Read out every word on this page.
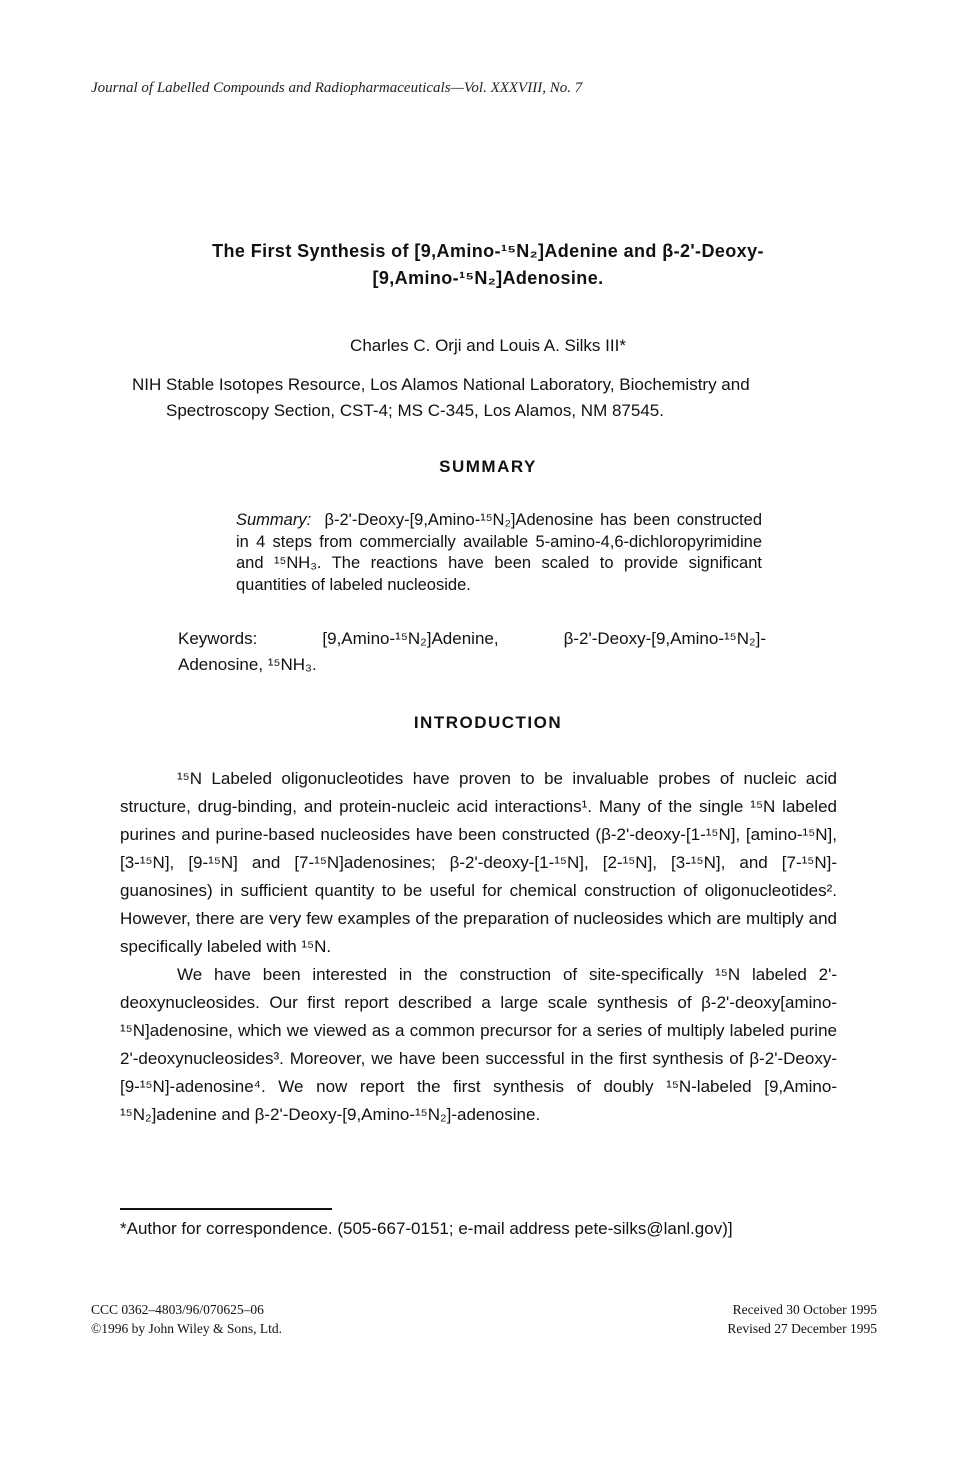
Journal of Labelled Compounds and Radiopharmaceuticals—Vol. XXXVIII, No. 7
The First Synthesis of [9,Amino-¹⁵N₂]Adenine and β-2'-Deoxy-
[9,Amino-¹⁵N₂]Adenosine.
Charles C. Orji and Louis A. Silks III*
NIH Stable Isotopes Resource, Los Alamos National Laboratory, Biochemistry and
Spectroscopy Section, CST-4; MS C-345, Los Alamos, NM 87545.
SUMMARY
Summary: β-2'-Deoxy-[9,Amino-¹⁵N₂]Adenosine has been constructed in 4 steps from commercially available 5-amino-4,6-dichloropyrimidine and ¹⁵NH₃. The reactions have been scaled to provide significant quantities of labeled nucleoside.
Keywords:	[9,Amino-¹⁵N₂]Adenine,	β-2'-Deoxy-[9,Amino-¹⁵N₂]-
Adenosine, ¹⁵NH₃.
INTRODUCTION

¹⁵N Labeled oligonucleotides have proven to be invaluable probes of nucleic acid structure, drug-binding, and protein-nucleic acid interactions¹. Many of the single ¹⁵N labeled purines and purine-based nucleosides have been constructed (β-2'-deoxy-[1-¹⁵N], [amino-¹⁵N], [3-¹⁵N], [9-¹⁵N] and [7-¹⁵N]adenosines; β-2'-deoxy-[1-¹⁵N], [2-¹⁵N], [3-¹⁵N], and [7-¹⁵N]-guanosines) in sufficient quantity to be useful for chemical construction of oligonucleotides². However, there are very few examples of the preparation of nucleosides which are multiply and specifically labeled with ¹⁵N.

We have been interested in the construction of site-specifically ¹⁵N labeled 2'-deoxynucleosides. Our first report described a large scale synthesis of β-2'-deoxy[amino-¹⁵N]adenosine, which we viewed as a common precursor for a series of multiply labeled purine 2'-deoxynucleosides³. Moreover, we have been successful in the first synthesis of β-2'-Deoxy-[9-¹⁵N]-adenosine⁴. We now report the first synthesis of doubly ¹⁵N-labeled [9,Amino-¹⁵N₂]adenine and β-2'-Deoxy-[9,Amino-¹⁵N₂]-adenosine.

*Author for correspondence. (505-667-0151; e-mail address pete-silks@lanl.gov)]
CCC 0362–4803/96/070625–06
©1996 by John Wiley & Sons, Ltd.
Received 30 October 1995
Revised 27 December 1995
